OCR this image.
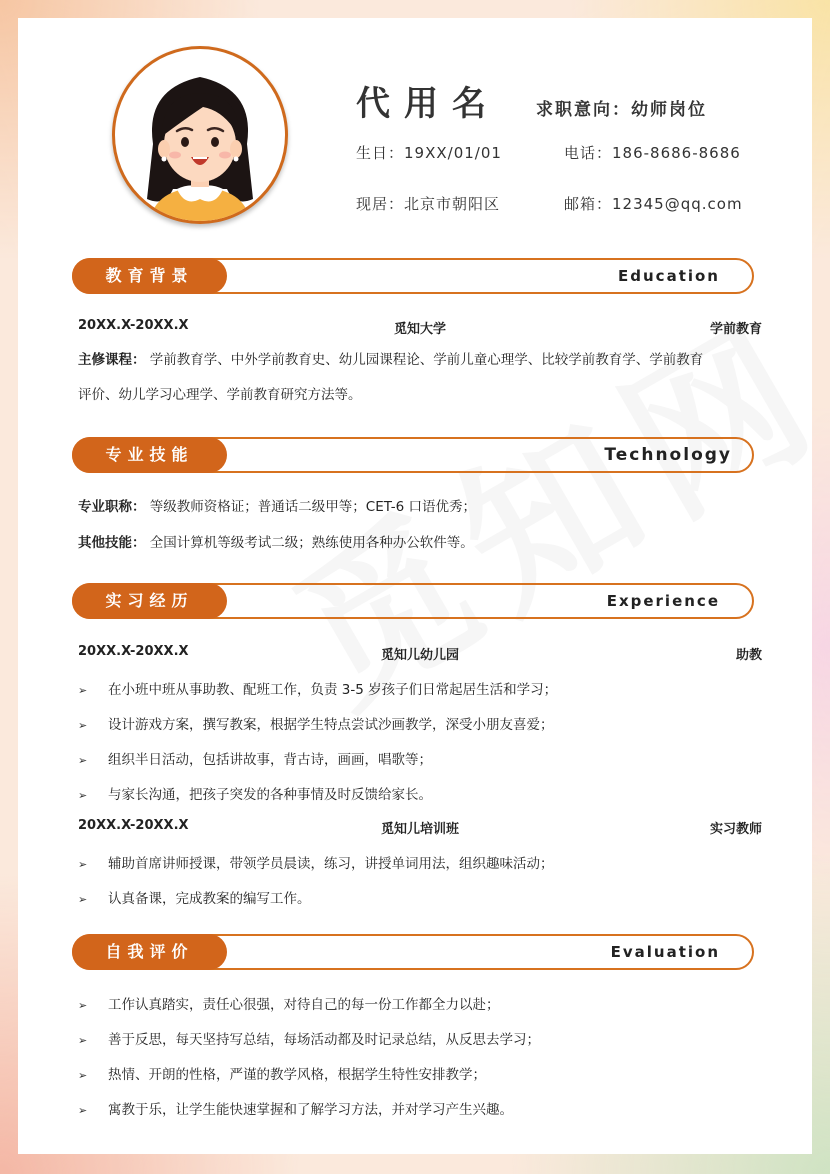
代用名 求职意向：幼师岗位
生日：19XX/01/01	电话：186-8686-8686
现居：北京市朝阳区	邮箱：12345@qq.com
教育背景	Education
20XX.X-20XX.X	觅知大学	学前教育
主修课程： 学前教育学、中外学前教育史、幼儿园课程论、学前儿童心理学、比较学前教育学、学前教育
评价、幼儿学习心理学、学前教育研究方法等。
专业技能	Technology
专业职称： 等级教师资格证；普通话二级甲等；CET-6 口语优秀；
其他技能： 全国计算机等级考试二级；熟练使用各种办公软件等。
实习经历	Experience
20XX.X-20XX.X	觅知儿幼儿园	助教
➢ 在小班中班从事助教、配班工作，负责 3-5 岁孩子们日常起居生活和学习；
➢ 设计游戏方案，撰写教案，根据学生特点尝试沙画教学，深受小朋友喜爱；
➢ 组织半日活动，包括讲故事，背古诗，画画，唱歌等；
➢ 与家长沟通，把孩子突发的各种事情及时反馈给家长。
20XX.X-20XX.X	觅知儿培训班	实习教师
➢ 辅助首席讲师授课，带领学员晨读，练习，讲授单词用法，组织趣味活动；
➢ 认真备课，完成教案的编写工作。
自我评价	Evaluation
➢ 工作认真踏实，责任心很强，对待自己的每一份工作都全力以赴；
➢ 善于反思，每天坚持写总结，每场活动都及时记录总结，从反思去学习；
➢ 热情、开朗的性格，严谨的教学风格，根据学生特性安排教学；
➢ 寓教于乐，让学生能快速掌握和了解学习方法，并对学习产生兴趣。
